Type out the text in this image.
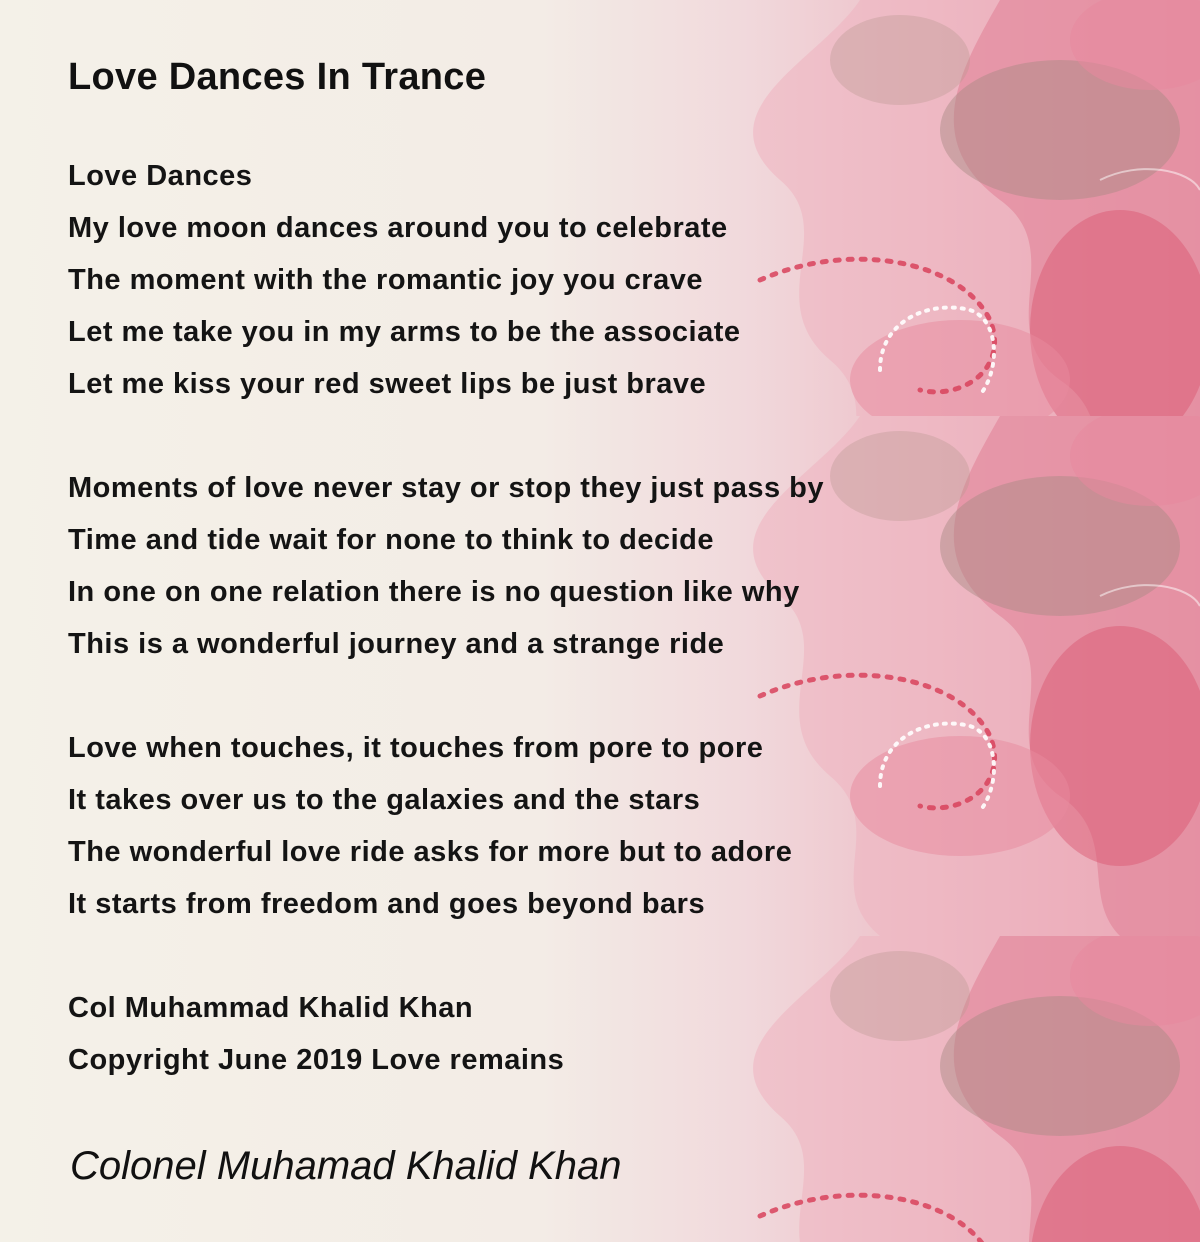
Love Dances In Trance

Love Dances

My love moon dances around you to celebrate

The moment with the romantic joy you crave

Let me take you in my arms to be the associate

Let me kiss your red sweet lips be just brave

Moments of love never stay or stop they just pass by

Time and tide wait for none to think to decide

In one on one relation there is no question like why

This is a wonderful journey and a strange ride

Love when touches, it touches from pore to pore

It takes over us to the galaxies and the stars

The wonderful love ride asks for more but to adore

It starts from freedom and goes beyond bars

Col Muhammad Khalid Khan

Copyright June 2019 Love remains

Colonel Muhamad Khalid Khan
